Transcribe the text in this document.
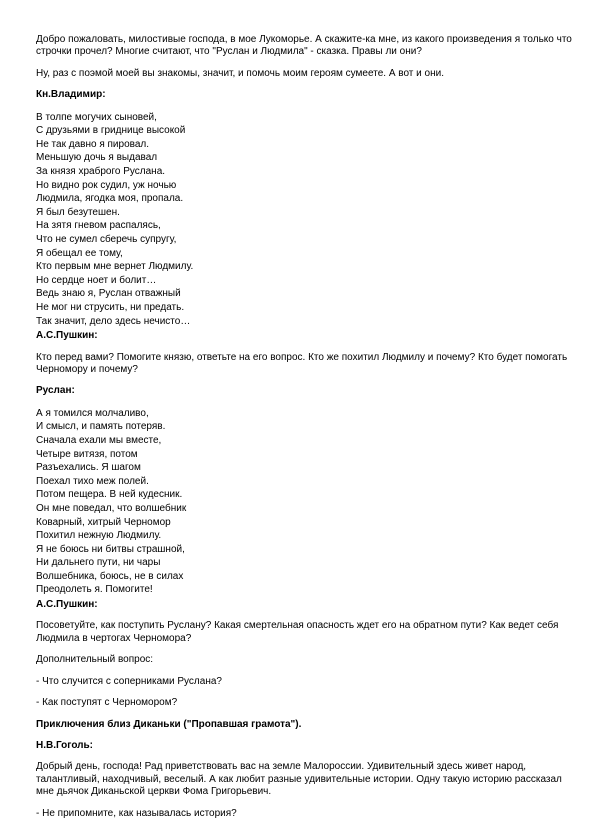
Добро пожаловать, милостивые господа, в мое Лукоморье. А скажите-ка мне, из какого произведения я только что строчки прочел? Многие считают, что "Руслан и Людмила" - сказка. Правы ли они?

Ну, раз с поэмой моей вы знакомы, значит, и помочь моим героям сумеете. А вот и они.

Кн.Владимир:

В толпе могучих сыновей,

С друзьями в гриднице высокой

Не так давно я пировал.

Меньшую дочь я выдавал

За князя храброго Руслана.

Но видно рок судил, уж ночью

Людмила, ягодка моя, пропала.

Я был безутешен.

На зятя гневом распалясь,

Что не сумел сберечь супругу,

Я обещал ее тому,

Кто первым мне вернет Людмилу.

Но сердце ноет и болит…

Ведь знаю я, Руслан отважный

Не мог ни струсить, ни предать.

Так значит, дело здесь нечисто…

А.С.Пушкин:

Кто перед вами? Помогите князю, ответьте на его вопрос. Кто же похитил Людмилу и почему? Кто будет помогать Черномору и почему?

Руслан:

А я томился молчаливо,

И смысл, и память потеряв.

Сначала ехали мы вместе,

Четыре витязя, потом

Разъехались. Я шагом

Поехал тихо меж полей.

Потом пещера. В ней кудесник.

Он мне поведал, что волшебник

Коварный, хитрый Черномор

Похитил нежную Людмилу.

Я не боюсь ни битвы страшной,

Ни дальнего пути, ни чары

Волшебника, боюсь, не в силах

Преодолеть я. Помогите!

А.С.Пушкин:

Посоветуйте, как поступить Руслану? Какая смертельная опасность ждет его на обратном пути? Как ведет себя Людмила в чертогах Черномора?

Дополнительный вопрос:

- Что случится с соперниками Руслана?

- Как поступят с Черномором?

Приключения близ Диканьки ("Пропавшая грамота").

Н.В.Гоголь:

Добрый день, господа! Рад приветствовать вас на земле Малороссии. Удивительный здесь живет народ, талантливый, находчивый, веселый. А как любит разные удивительные истории. Одну такую историю рассказал мне дьячок Диканьской церкви Фома Григорьевич.

- Не припомните, как называлась история?
